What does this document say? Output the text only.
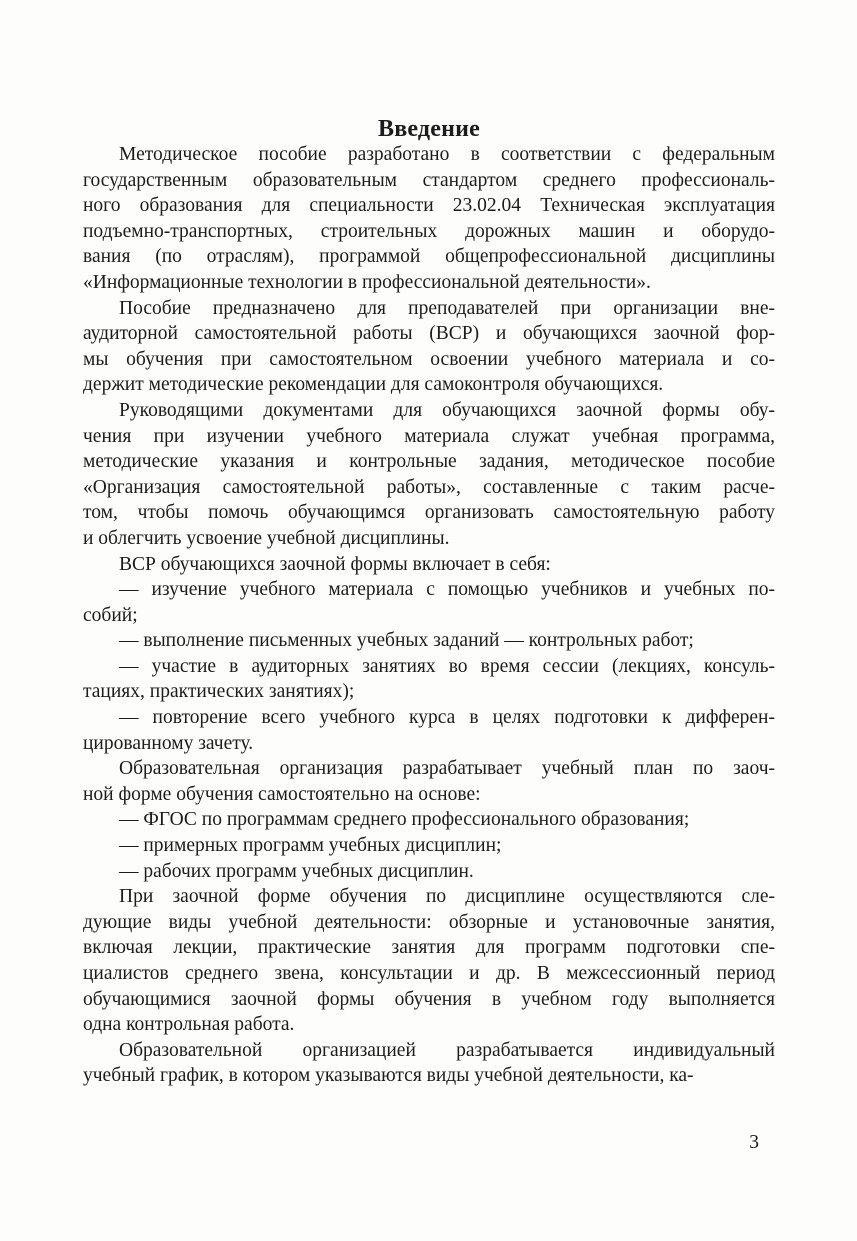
Введение
Методическое пособие разработано в соответствии с федеральным
государственным образовательным стандартом среднего профессиональ-
ного образования для специальности 23.02.04 Техническая эксплуатация
подъемно-транспортных, строительных дорожных машин и оборудо-
вания (по отраслям), программой общепрофессиональной дисциплины
«Информационные технологии в профессиональной деятельности».
Пособие предназначено для преподавателей при организации вне-
аудиторной самостоятельной работы (ВСР) и обучающихся заочной фор-
мы обучения при самостоятельном освоении учебного материала и со-
держит методические рекомендации для самоконтроля обучающихся.
Руководящими документами для обучающихся заочной формы обу-
чения при изучении учебного материала служат учебная программа,
методические указания и контрольные задания, методическое пособие
«Организация самостоятельной работы», составленные с таким расче-
том, чтобы помочь обучающимся организовать самостоятельную работу
и облегчить усвоение учебной дисциплины.
ВСР обучающихся заочной формы включает в себя:
— изучение учебного материала с помощью учебников и учебных по-
собий;
— выполнение письменных учебных заданий — контрольных работ;
— участие в аудиторных занятиях во время сессии (лекциях, консуль-
тациях, практических занятиях);
— повторение всего учебного курса в целях подготовки к дифферен-
цированному зачету.
Образовательная организация разрабатывает учебный план по заоч-
ной форме обучения самостоятельно на основе:
— ФГОС по программам среднего профессионального образования;
— примерных программ учебных дисциплин;
— рабочих программ учебных дисциплин.
При заочной форме обучения по дисциплине осуществляются сле-
дующие виды учебной деятельности: обзорные и установочные занятия,
включая лекции, практические занятия для программ подготовки спе-
циалистов среднего звена, консультации и др. В межсессионный период
обучающимися заочной формы обучения в учебном году выполняется
одна контрольная работа.
Образовательной организацией разрабатывается индивидуальный
учебный график, в котором указываются виды учебной деятельности, ка-
3
